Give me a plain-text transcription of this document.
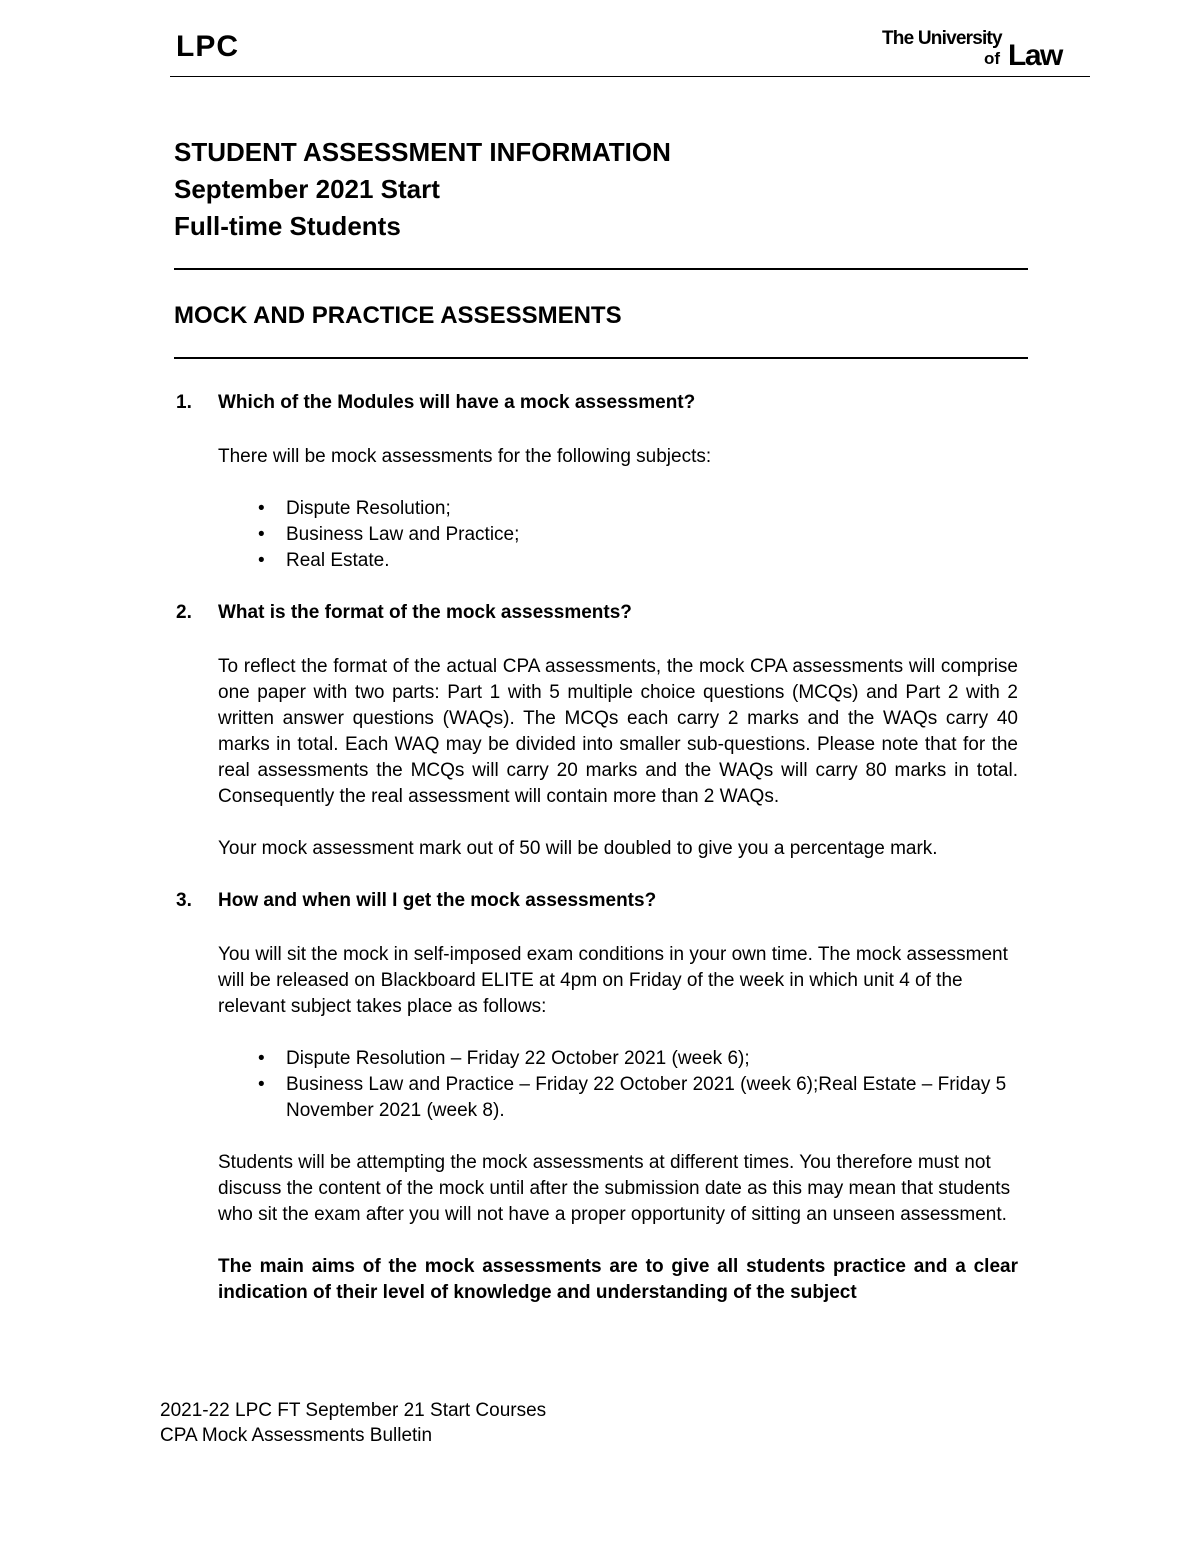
LPC	The University
of Law
STUDENT ASSESSMENT INFORMATION
September 2021 Start
Full-time Students
MOCK AND PRACTICE ASSESSMENTS
1.	Which of the Modules will have a mock assessment?

There will be mock assessments for the following subjects:

•	Dispute Resolution;
•	Business Law and Practice;
•	Real Estate.
2.	What is the format of the mock assessments?

To reflect the format of the actual CPA assessments, the mock CPA assessments will comprise one paper with two parts: Part 1 with 5 multiple choice questions (MCQs) and Part 2 with 2 written answer questions (WAQs). The MCQs each carry 2 marks and the WAQs carry 40 marks in total. Each WAQ may be divided into smaller sub-questions. Please note that for the real assessments the MCQs will carry 20 marks and the WAQs will carry 80 marks in total. Consequently the real assessment will contain more than 2 WAQs.

Your mock assessment mark out of 50 will be doubled to give you a percentage mark.

3.	How and when will I get the mock assessments?

You will sit the mock in self-imposed exam conditions in your own time. The mock assessment will be released on Blackboard ELITE at 4pm on Friday of the week in which unit 4 of the relevant subject takes place as follows:

•	Dispute Resolution – Friday 22 October 2021 (week 6);
•	Business Law and Practice – Friday 22 October 2021 (week 6);Real Estate – Friday 5 November 2021 (week 8).

Students will be attempting the mock assessments at different times. You therefore must not discuss the content of the mock until after the submission date as this may mean that students who sit the exam after you will not have a proper opportunity of sitting an unseen assessment.

The main aims of the mock assessments are to give all students practice and a clear indication of their level of knowledge and understanding of the subject

2021-22 LPC FT September 21 Start Courses
CPA Mock Assessments Bulletin
